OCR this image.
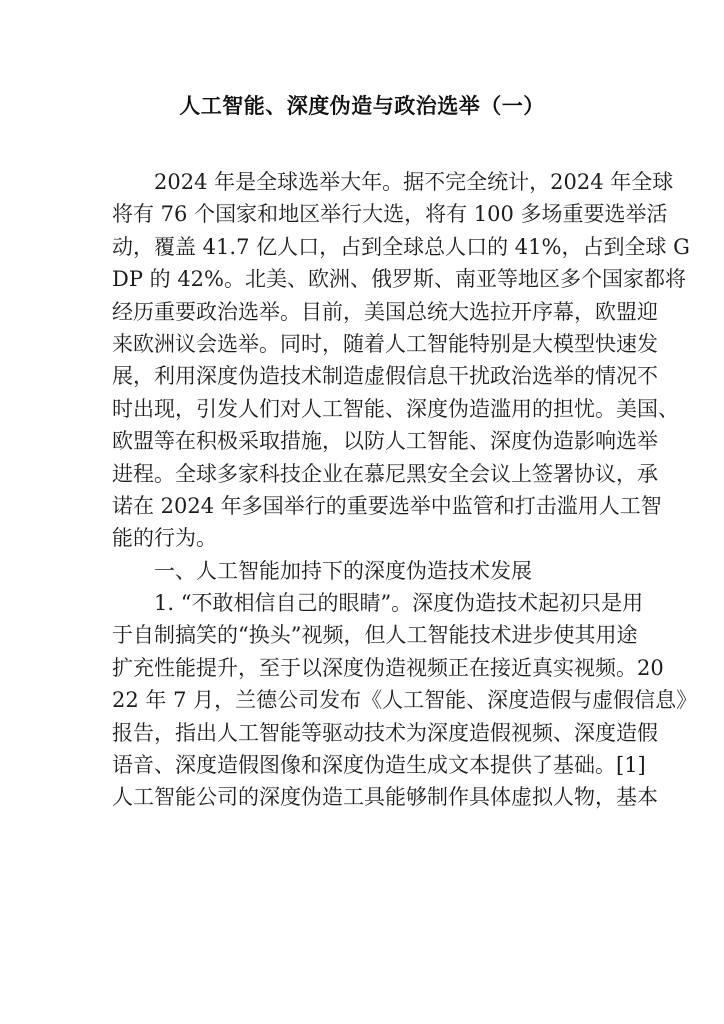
人工智能、深度伪造与政治选举（一）
2024 年是全球选举大年。据不完全统计，2024 年全球
将有 76 个国家和地区举行大选，将有 100 多场重要选举活
动，覆盖 41.7 亿人口，占到全球总人口的 41%，占到全球 G
DP 的 42%。北美、欧洲、俄罗斯、南亚等地区多个国家都将
经历重要政治选举。目前，美国总统大选拉开序幕，欧盟迎
来欧洲议会选举。同时，随着人工智能特别是大模型快速发
展，利用深度伪造技术制造虚假信息干扰政治选举的情况不
时出现，引发人们对人工智能、深度伪造滥用的担忧。美国、
欧盟等在积极采取措施，以防人工智能、深度伪造影响选举
进程。全球多家科技企业在慕尼黑安全会议上签署协议，承
诺在 2024 年多国举行的重要选举中监管和打击滥用人工智
能的行为。
一、人工智能加持下的深度伪造技术发展
1. “不敢相信自己的眼睛”。深度伪造技术起初只是用
于自制搞笑的“换头”视频，但人工智能技术进步使其用途
扩充性能提升，至于以深度伪造视频正在接近真实视频。20
22 年 7 月，兰德公司发布《人工智能、深度造假与虚假信息》
报告，指出人工智能等驱动技术为深度造假视频、深度造假
语音、深度造假图像和深度伪造生成文本提供了基础。[1]
人工智能公司的深度伪造工具能够制作具体虚拟人物，基本
